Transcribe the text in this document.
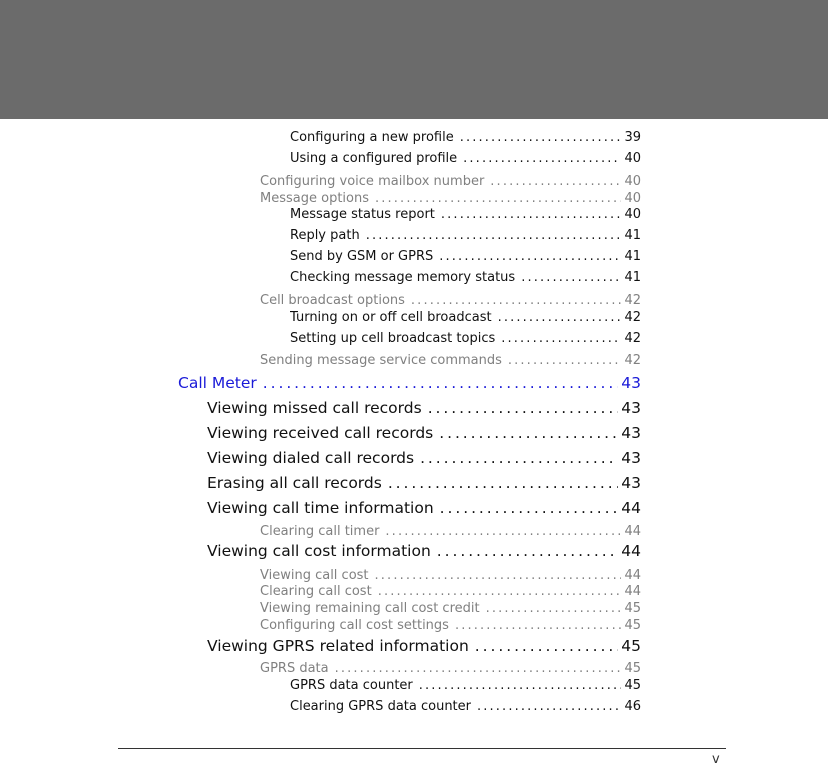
Configuring a new profile . . .	39
Using a configured profile . . .	40
Configuring voice mailbox number . . .	40
Message options . . .	40
Message status report . . .	40
Reply path . . .	41
Send by GSM or GPRS . . .	41
Checking message memory status . . .	41
Cell broadcast options . . .	42
Turning on or off cell broadcast . . .	42
Setting up cell broadcast topics . . .	42
Sending message service commands . . .	42
Call Meter . . .	43
Viewing missed call records . . .	43
Viewing received call records . . .	43
Viewing dialed call records . . .	43
Erasing all call records . . .	43
Viewing call time information . . .	44
Clearing call timer . . .	44
Viewing call cost information . . .	44
Viewing call cost . . .	44
Clearing call cost . . .	44
Viewing remaining call cost credit . . .	45
Configuring call cost settings . . .	45
Viewing GPRS related information . . .	45
GPRS data . . .	45
GPRS data counter . . .	45
Clearing GPRS data counter . . .	46
v
